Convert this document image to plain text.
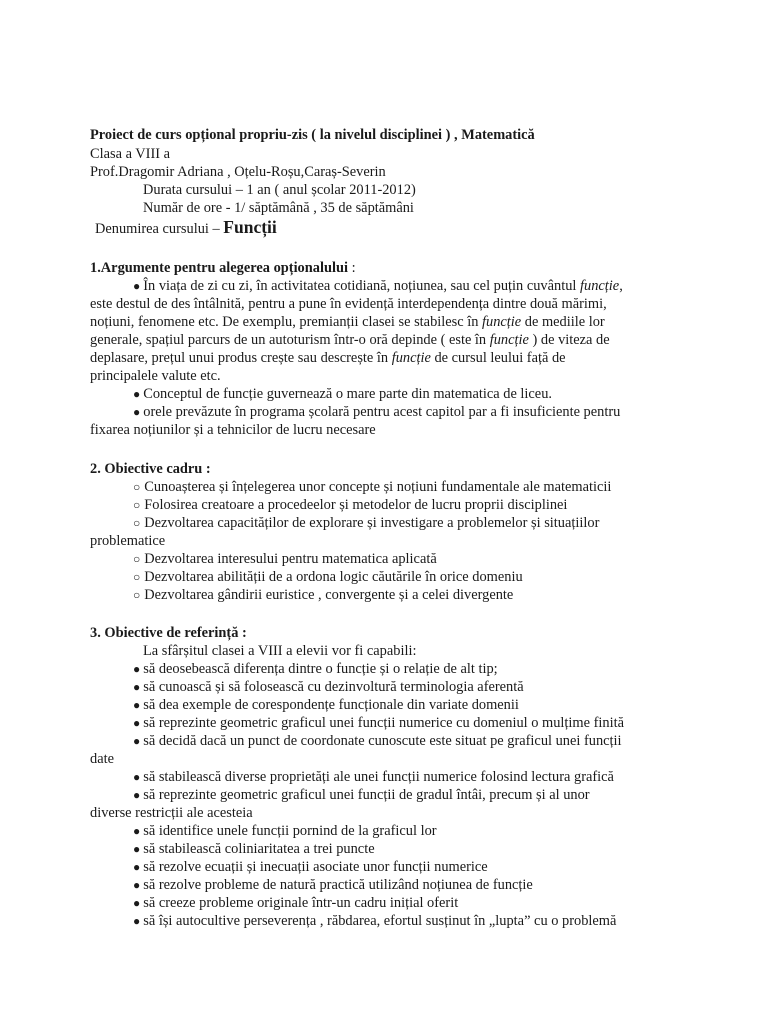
Proiect de curs opțional propriu-zis ( la nivelul disciplinei ) , Matematică
Clasa a VIII a
Prof.Dragomir Adriana , Oțelu-Roșu,Caraș-Severin
Durata cursului – 1 an ( anul școlar 2011-2012)
Număr de ore - 1/ săptămână , 35 de săptămâni
Denumirea cursului – Funcții
1.Argumente pentru alegerea opționalului :
● În viața de zi cu zi, în activitatea cotidiană, noțiunea, sau cel puțin cuvântul funcție,
este destul de des întâlnită, pentru a pune în evidență interdependența dintre două mărimi,
noțiuni, fenomene etc. De exemplu, premianții clasei se stabilesc în funcție de mediile lor
generale, spațiul parcurs de un autoturism într-o oră depinde ( este în funcție ) de viteza de
deplasare, prețul unui produs crește sau descrește în funcție de cursul leului față de
principalele valute etc.
● Conceptul de funcție guvernează o mare parte din matematica de liceu.
● orele prevăzute în programa școlară pentru acest capitol par a fi insuficiente pentru
fixarea noțiunilor și a tehnicilor de lucru necesare
2. Obiective cadru :
○ Cunoașterea și înțelegerea unor concepte și noțiuni fundamentale ale matematicii
○ Folosirea creatoare a procedeelor și metodelor de lucru proprii disciplinei
○ Dezvoltarea capacităților de explorare și investigare a problemelor și situațiilor
problematice
○ Dezvoltarea interesului pentru matematica aplicată
○ Dezvoltarea abilității de a ordona logic căutările în orice domeniu
○ Dezvoltarea gândirii euristice , convergente și a celei divergente
3. Obiective de referință :
La sfârșitul clasei a VIII a elevii vor fi capabili:
● să deosebească diferența dintre o funcție și o relație de alt tip;
● să cunoască și să folosească cu dezinvoltură terminologia aferentă
● să dea exemple de corespondențe funcționale din variate domenii
● să reprezinte geometric graficul unei funcții numerice cu domeniul o mulțime finită
● să decidă dacă un punct de coordonate cunoscute este situat pe graficul unei funcții
date
● să stabilească diverse proprietăți ale unei funcții numerice folosind lectura grafică
● să reprezinte geometric graficul unei funcții de gradul întâi, precum și al unor
diverse restricții ale acesteia
● să identifice unele funcții pornind de la graficul lor
● să stabilească coliniaritatea a trei puncte
● să rezolve ecuații și inecuații asociate unor funcții numerice
● să rezolve probleme de natură practică utilizând noțiunea de funcție
● să creeze probleme originale într-un cadru inițial oferit
● să își autocultive perseverența , răbdarea, efortul susținut în „lupta” cu o problemă
